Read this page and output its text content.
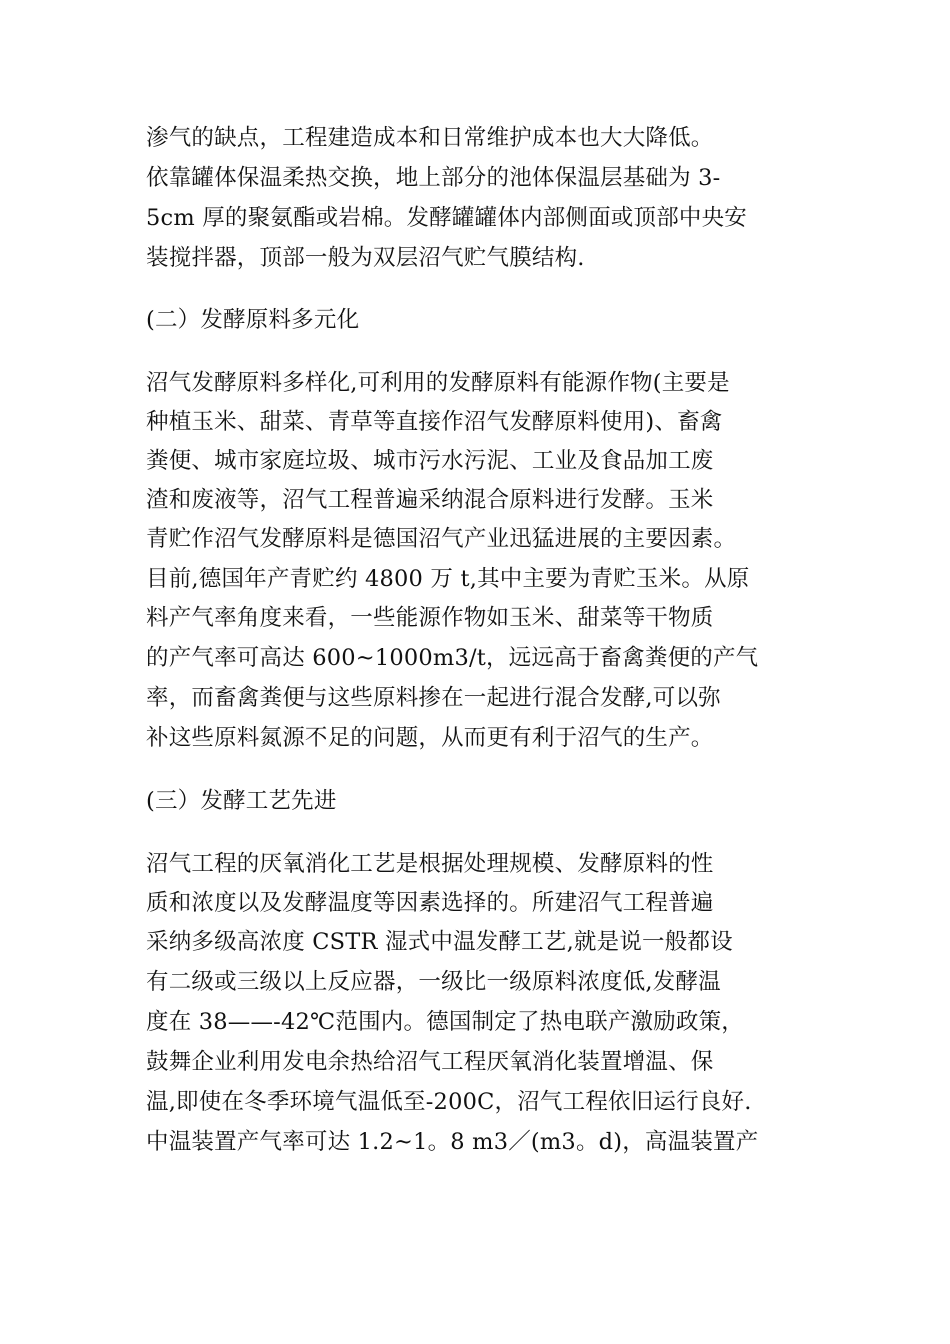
渗气的缺点，工程建造成本和日常维护成本也大大降低。
依靠罐体保温柔热交换，地上部分的池体保温层基础为 3-
5cm 厚的聚氨酯或岩棉。发酵罐罐体内部侧面或顶部中央安
装搅拌器，顶部一般为双层沼气贮气膜结构.
(二）发酵原料多元化
沼气发酵原料多样化,可利用的发酵原料有能源作物(主要是
种植玉米、甜菜、青草等直接作沼气发酵原料使用)、畜禽
粪便、城市家庭垃圾、城市污水污泥、工业及食品加工废
渣和废液等，沼气工程普遍采纳混合原料进行发酵。玉米
青贮作沼气发酵原料是德国沼气产业迅猛进展的主要因素。
目前,德国年产青贮约 4800 万 t,其中主要为青贮玉米。从原
料产气率角度来看，一些能源作物如玉米、甜菜等干物质
的产气率可高达 600~1000m3/t，远远高于畜禽粪便的产气
率，而畜禽粪便与这些原料掺在一起进行混合发酵,可以弥
补这些原料氮源不足的问题，从而更有利于沼气的生产。
(三）发酵工艺先进
沼气工程的厌氧消化工艺是根据处理规模、发酵原料的性
质和浓度以及发酵温度等因素选择的。所建沼气工程普遍
采纳多级高浓度 CSTR 湿式中温发酵工艺,就是说一般都设
有二级或三级以上反应器，一级比一级原料浓度低,发酵温
度在 38——-42℃范围内。德国制定了热电联产激励政策，
鼓舞企业利用发电余热给沼气工程厌氧消化装置增温、保
温,即使在冬季环境气温低至-200C，沼气工程依旧运行良好.
中温装置产气率可达 1.2~1。8 m3／(m3。d)，高温装置产
